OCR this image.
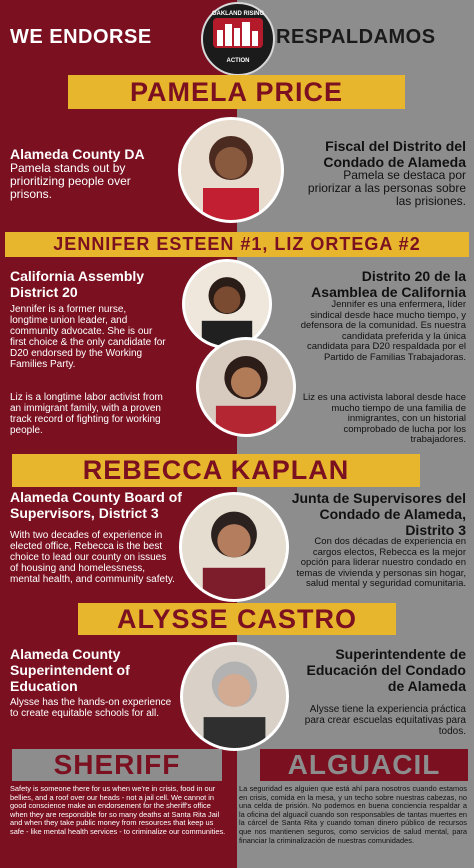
WE ENDORSE	RESPALDAMOS
OAKLAND RISING
ACTION
PAMELA PRICE
Alameda County DA
Pamela stands out by prioritizing people over prisons.
Fiscal del Distrito del Condado de Alameda
Pamela se destaca por priorizar a las personas sobre las prisiones.
JENNIFER ESTEEN #1, LIZ ORTEGA #2
California Assembly District 20
Jennifer is a former nurse, longtime union leader, and community advocate. She is our first choice & the only candidate for D20 endorsed by the Working Families Party.
Liz is a longtime labor activist from an immigrant family, with a proven track record of fighting for working people.
Distrito 20 de la Asamblea de California
Jennifer es una enfermera, líder sindical desde hace mucho tiempo, y defensora de la comunidad. Es nuestra candidata preferida y la única candidata para D20 respaldada por el Partido de Familias Trabajadoras.
Liz es una activista laboral desde hace mucho tiempo de una familia de inmigrantes, con un historial comprobado de lucha por los trabajadores.
REBECCA KAPLAN
Alameda County Board of Supervisors, District 3
With two decades of experience in elected office, Rebecca is the best choice to lead our county on issues of housing and homelessness, mental health, and community safety.
Junta de Supervisores del Condado de Alameda, Distrito 3
Con dos décadas de experiencia en cargos electos, Rebecca es la mejor opción para liderar nuestro condado en temas de vivienda y personas sin hogar, salud mental y seguridad comunitaria.
ALYSSE CASTRO
Alameda County Superintendent of Education
Alysse has the hands-on experience to create equitable schools for all.
Superintendente de Educación del Condado de Alameda
Alysse tiene la experiencia práctica para crear escuelas equitativas para todos.
SHERIFF	ALGUACIL
Safety is someone there for us when we're in crisis, food in our bellies, and a roof over our heads - not a jail cell. We cannot in good conscience make an endorsement for the sheriff's office when they are responsible for so many deaths at Santa Rita Jail and when they take public money from resources that keep us safe - like mental health services - to criminalize our communities.
La seguridad es alguien que está ahí para nosotros cuando estamos en crisis, comida en la mesa, y un techo sobre nuestras cabezas, no una celda de prisión. No podemos en buena conciencia respaldar a la oficina del alguacil cuando son responsables de tantas muertes en la cárcel de Santa Rita y cuando toman dinero público de recursos que nos mantienen seguros, como servicios de salud mental, para financiar la criminalización de nuestras comunidades.
